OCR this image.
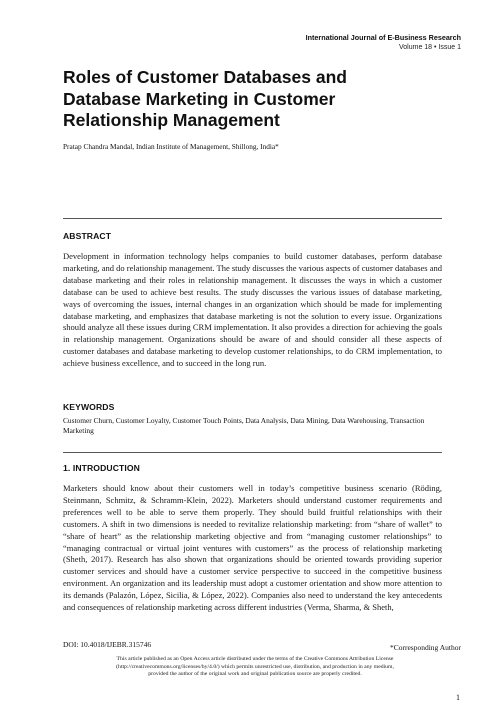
International Journal of E-Business Research
Volume 18 • Issue 1
Roles of Customer Databases and Database Marketing in Customer Relationship Management
Pratap Chandra Mandal, Indian Institute of Management, Shillong, India*
ABSTRACT
Development in information technology helps companies to build customer databases, perform database marketing, and do relationship management. The study discusses the various aspects of customer databases and database marketing and their roles in relationship management. It discusses the ways in which a customer database can be used to achieve best results. The study discusses the various issues of database marketing, ways of overcoming the issues, internal changes in an organization which should be made for implementing database marketing, and emphasizes that database marketing is not the solution to every issue. Organizations should analyze all these issues during CRM implementation. It also provides a direction for achieving the goals in relationship management. Organizations should be aware of and should consider all these aspects of customer databases and database marketing to develop customer relationships, to do CRM implementation, to achieve business excellence, and to succeed in the long run.
KEYWORDS
Customer Churn, Customer Loyalty, Customer Touch Points, Data Analysis, Data Mining, Data Warehousing, Transaction Marketing
1. INTRODUCTION
Marketers should know about their customers well in today’s competitive business scenario (Röding, Steinmann, Schmitz, & Schramm-Klein, 2022). Marketers should understand customer requirements and preferences well to be able to serve them properly. They should build fruitful relationships with their customers. A shift in two dimensions is needed to revitalize relationship marketing: from “share of wallet” to “share of heart” as the relationship marketing objective and from “managing customer relationships” to “managing contractual or virtual joint ventures with customers” as the process of relationship marketing (Sheth, 2017). Research has also shown that organizations should be oriented towards providing superior customer services and should have a customer service perspective to succeed in the competitive business environment. An organization and its leadership must adopt a customer orientation and show more attention to its demands (Palazón, López, Sicilia, & López, 2022). Companies also need to understand the key antecedents and consequences of relationship marketing across different industries (Verma, Sharma, & Sheth,
DOI: 10.4018/IJEBR.315746	*Corresponding Author
This article published as an Open Access article distributed under the terms of the Creative Commons Attribution License
(http://creativecommons.org/licenses/by/4.0/) which permits unrestricted use, distribution, and production in any medium,
provided the author of the original work and original publication source are properly credited.
1
